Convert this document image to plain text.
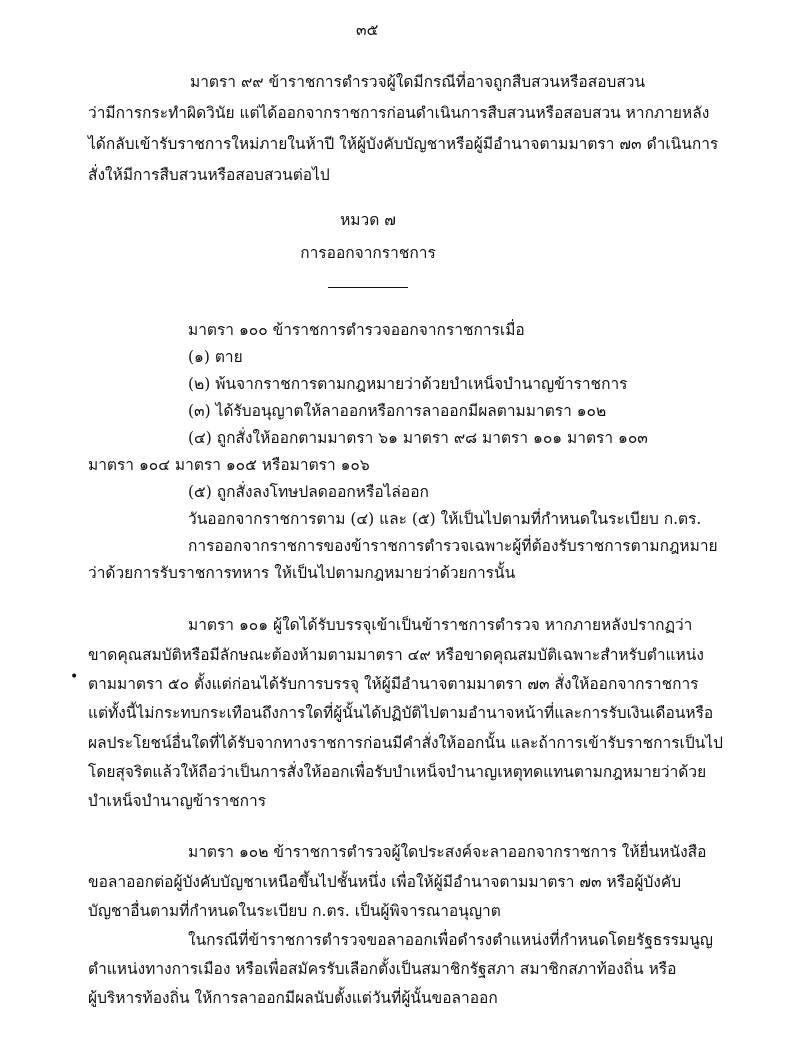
๓๕
มาตรา ๙๙ ข้าราชการตำรวจผู้ใดมีกรณีที่อาจถูกสืบสวนหรือสอบสวน
ว่ามีการกระทำผิดวินัย แต่ได้ออกจากราชการก่อนดำเนินการสืบสวนหรือสอบสวน หากภายหลัง
ได้กลับเข้ารับราชการใหม่ภายในห้าปี ให้ผู้บังคับบัญชาหรือผู้มีอำนาจตามมาตรา ๗๓ ดำเนินการ
สั่งให้มีการสืบสวนหรือสอบสวนต่อไป
หมวด ๗
การออกจากราชการ
มาตรา ๑๐๐ ข้าราชการตำรวจออกจากราชการเมื่อ
(๑) ตาย
(๒) พ้นจากราชการตามกฎหมายว่าด้วยบำเหน็จบำนาญข้าราชการ
(๓) ได้รับอนุญาตให้ลาออกหรือการลาออกมีผลตามมาตรา ๑๐๒
(๔) ถูกสั่งให้ออกตามมาตรา ๖๑ มาตรา ๙๘ มาตรา ๑๐๑ มาตรา ๑๐๓
มาตรา ๑๐๔ มาตรา ๑๐๕ หรือมาตรา ๑๐๖
(๕) ถูกสั่งลงโทษปลดออกหรือไล่ออก
วันออกจากราชการตาม (๔) และ (๕) ให้เป็นไปตามที่กำหนดในระเบียบ ก.ตร.
การออกจากราชการของข้าราชการตำรวจเฉพาะผู้ที่ต้องรับราชการตามกฎหมาย
ว่าด้วยการรับราชการทหาร ให้เป็นไปตามกฎหมายว่าด้วยการนั้น
มาตรา ๑๐๑ ผู้ใดได้รับบรรจุเข้าเป็นข้าราชการตำรวจ หากภายหลังปรากฏว่า
ขาดคุณสมบัติหรือมีลักษณะต้องห้ามตามมาตรา ๔๙ หรือขาดคุณสมบัติเฉพาะสำหรับตำแหน่ง
• ตามมาตรา ๕๐ ตั้งแต่ก่อนได้รับการบรรจุ ให้ผู้มีอำนาจตามมาตรา ๗๓ สั่งให้ออกจากราชการ
แต่ทั้งนี้ไม่กระทบกระเทือนถึงการใดที่ผู้นั้นได้ปฏิบัติไปตามอำนาจหน้าที่และการรับเงินเดือนหรือ
ผลประโยชน์อื่นใดที่ได้รับจากทางราชการก่อนมีคำสั่งให้ออกนั้น และถ้าการเข้ารับราชการเป็นไป
โดยสุจริตแล้วให้ถือว่าเป็นการสั่งให้ออกเพื่อรับบำเหน็จบำนาญเหตุทดแทนตามกฎหมายว่าด้วย
บำเหน็จบำนาญข้าราชการ
มาตรา ๑๐๒ ข้าราชการตำรวจผู้ใดประสงค์จะลาออกจากราชการ ให้ยื่นหนังสือ
ขอลาออกต่อผู้บังคับบัญชาเหนือขึ้นไปชั้นหนึ่ง เพื่อให้ผู้มีอำนาจตามมาตรา ๗๓ หรือผู้บังคับ
บัญชาอื่นตามที่กำหนดในระเบียบ ก.ตร. เป็นผู้พิจารณาอนุญาต
ในกรณีที่ข้าราชการตำรวจขอลาออกเพื่อดำรงตำแหน่งที่กำหนดโดยรัฐธรรมนูญ
ตำแหน่งทางการเมือง หรือเพื่อสมัครรับเลือกตั้งเป็นสมาชิกรัฐสภา สมาชิกสภาท้องถิ่น หรือ
ผู้บริหารท้องถิ่น ให้การลาออกมีผลนับตั้งแต่วันที่ผู้นั้นขอลาออก
